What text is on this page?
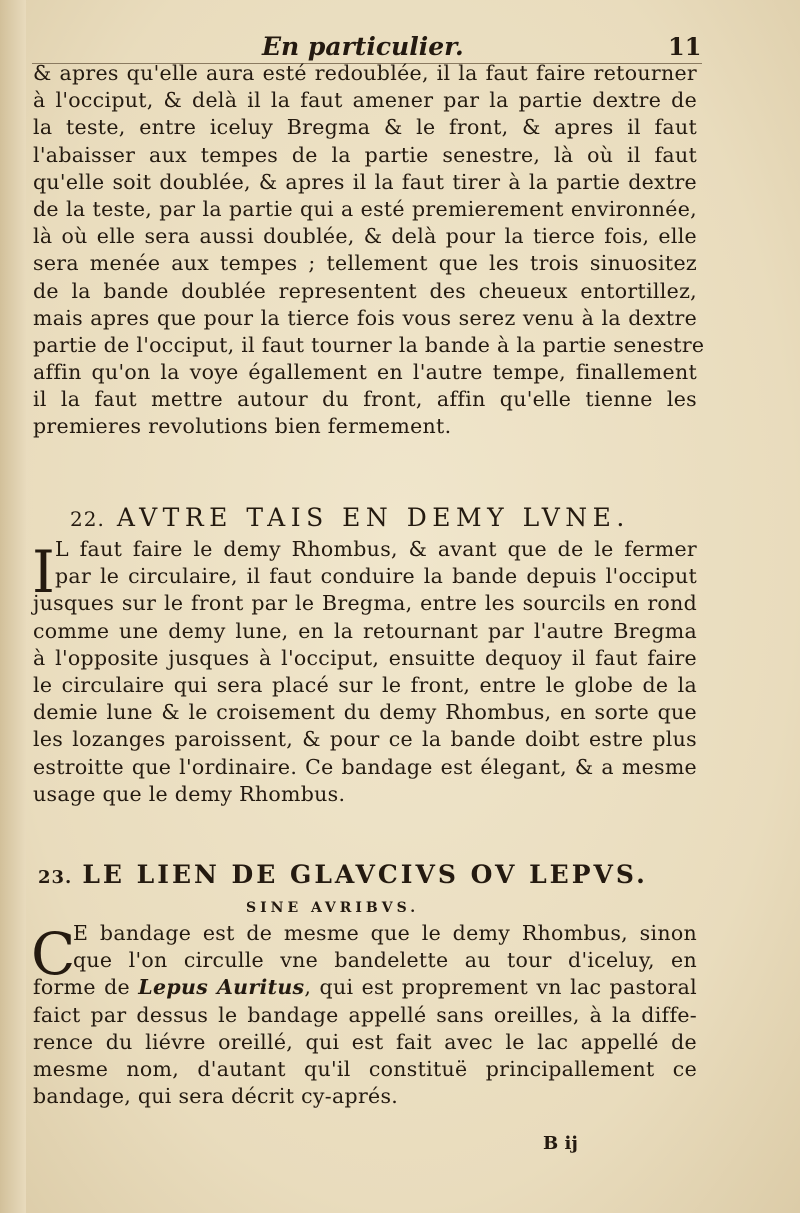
En particulier.	11
& apres qu'elle aura esté redoublée, il la faut faire retourner
à l'occiput, & delà il la faut amener par la partie dextre de
la teste, entre iceluy Bregma & le front, & apres il faut
l'abaisser aux tempes de la partie senestre, là où il faut
qu'elle soit doublée, & apres il la faut tirer à la partie dextre
de la teste, par la partie qui a esté premierement environnée,
là où elle sera aussi doublée, & delà pour la tierce fois, elle
sera menée aux tempes ; tellement que les trois sinuositez
de la bande doublée representent des cheueux entortillez,
mais apres que pour la tierce fois vous serez venu à la dextre
partie de l'occiput, il faut tourner la bande à la partie senestre
affin qu'on la voye égallement en l'autre tempe, finallement
il la faut mettre autour du front, affin qu'elle tienne les
premieres revolutions bien fermement.
22. AVTRE TAIS EN DEMY LVNE.
I L faut faire le demy Rhombus, & avant que de le fermer
par le circulaire, il faut conduire la bande depuis l'occiput
jusques sur le front par le Bregma, entre les sourcils en rond
comme une demy lune, en la retournant par l'autre Bregma
à l'opposite jusques à l'occiput, ensuitte dequoy il faut faire
le circulaire qui sera placé sur le front, entre le globe de la
demie lune & le croisement du demy Rhombus, en sorte que
les lozanges paroissent, & pour ce la bande doibt estre plus
estroitte que l'ordinaire. Ce bandage est élegant, & a mesme
usage que le demy Rhombus.
23. LE LIEN DE GLAVCIVS OV LEPVS.
SINE AVRIBVS.
C
E bandage est de mesme que le demy Rhombus, sinon
que l'on circulle vne bandelette au tour d'iceluy, en
forme de Lepus Auritus, qui est proprement vn lac pastoral
faict par dessus le bandage appellé sans oreilles, à la diffe-
rence du liévre oreillé, qui est fait avec le lac appellé de
mesme nom, d'autant qu'il constituë principallement ce
bandage, qui sera décrit cy-aprés.
B ij
